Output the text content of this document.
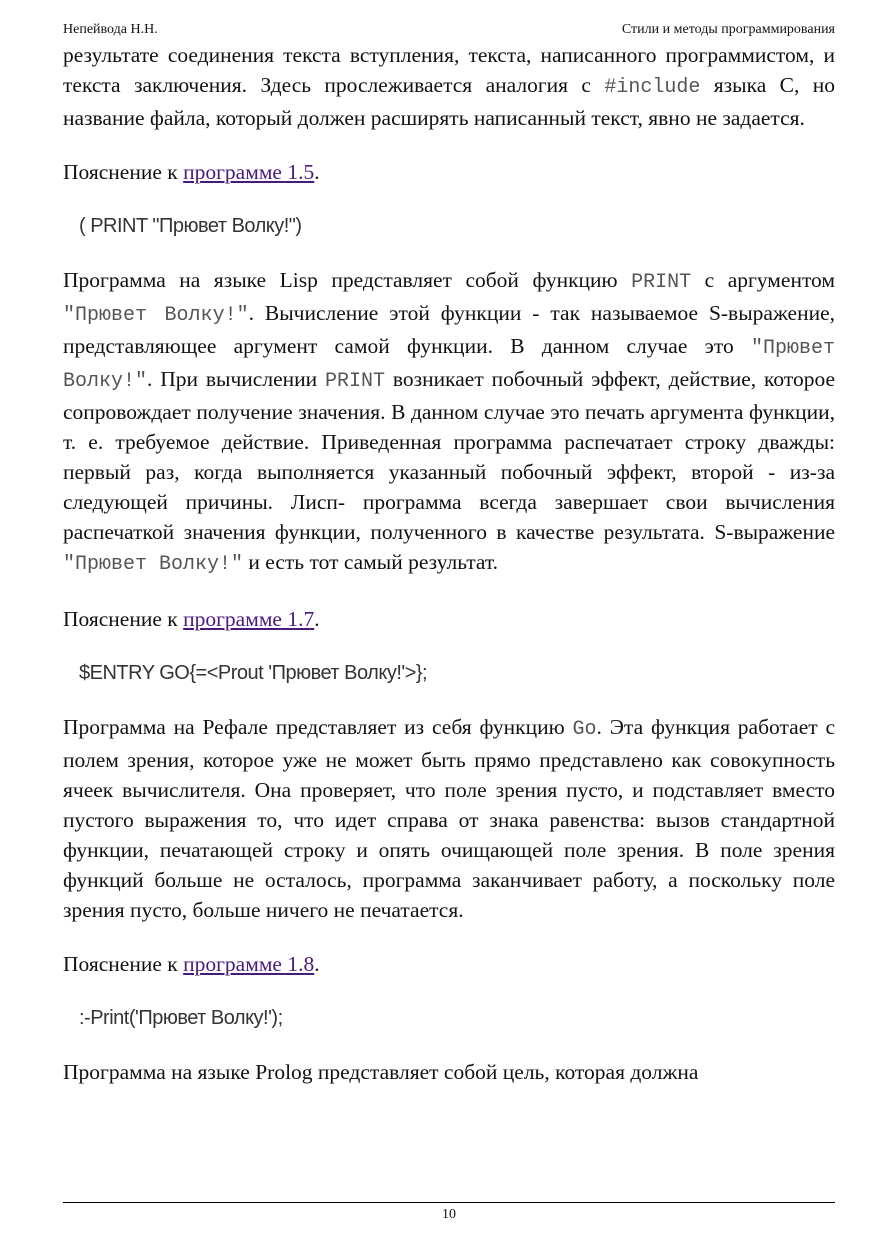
Непейвода Н.Н.	Стили и методы программирования

результате соединения текста вступления, текста, написанного программистом, и текста заключения. Здесь прослеживается аналогия с #include языка С, но название файла, который должен расширять написанный текст, явно не задается.

Пояснение к программе 1.5.

( PRINT "Прювет Волку!")

Программа на языке Lisp представляет собой функцию PRINT с аргументом "Прювет Волку!". Вычисление этой функции - так называемое S-выражение, представляющее аргумент самой функции. В данном случае это "Прювет Волку!". При вычислении PRINT возникает побочный эффект, действие, которое сопровождает получение значения. В данном случае это печать аргумента функции, т. е. требуемое действие. Приведенная программа распечатает строку дважды: первый раз, когда выполняется указанный побочный эффект, второй - из-за следующей причины. Лисп- программа всегда завершает свои вычисления распечаткой значения функции, полученного в качестве результата. S-выражение "Прювет Волку!" и есть тот самый результат.

Пояснение к программе 1.7.

$ENTRY GO{=<Prout 'Прювет Волку!'>};

Программа на Рефале представляет из себя функцию Go. Эта функция работает с полем зрения, которое уже не может быть прямо представлено как совокупность ячеек вычислителя. Она проверяет, что поле зрения пусто, и подставляет вместо пустого выражения то, что идет справа от знака равенства: вызов стандартной функции, печатающей строку и опять очищающей поле зрения. В поле зрения функций больше не осталось, программа заканчивает работу, а поскольку поле зрения пусто, больше ничего не печатается.

Пояснение к программе 1.8.

:-Print('Прювет Волку!');

Программа на языке Prolog представляет собой цель, которая должна

10
